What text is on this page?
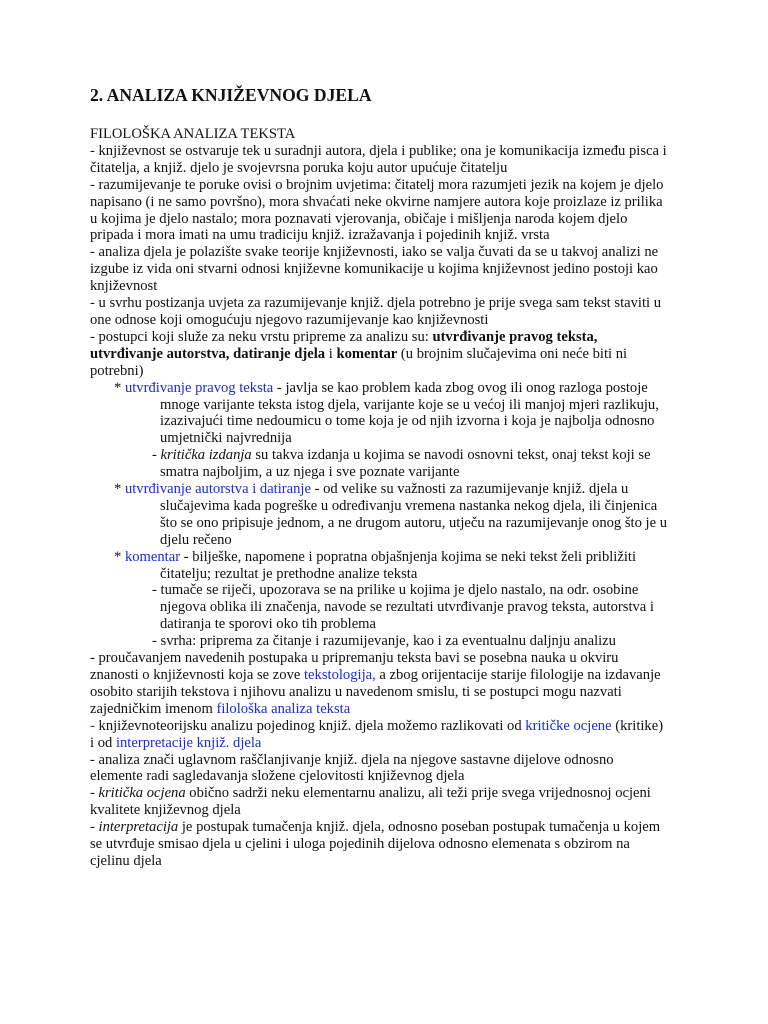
2. ANALIZA KNJIŽEVNOG DJELA

FILOLOŠKA ANALIZA TEKSTA

- književnost se ostvaruje tek u suradnji autora, djela i publike; ona je komunikacija između pisca i čitatelja, a knjiž. djelo je svojevrsna poruka koju autor upućuje čitatelju

- razumijevanje te poruke ovisi o brojnim uvjetima: čitatelj mora razumjeti jezik na kojem je djelo napisano (i ne samo površno), mora shvaćati neke okvirne namjere autora koje proizlaze iz prilika u kojima je djelo nastalo; mora poznavati vjerovanja, običaje i mišljenja naroda kojem djelo pripada i mora imati na umu tradiciju knjiž. izražavanja i pojedinih knjiž. vrsta

- analiza djela je polazište svake teorije književnosti, iako se valja čuvati da se u takvoj analizi ne izgube iz vida oni stvarni odnosi književne komunikacije u kojima književnost jedino postoji kao književnost

- u svrhu postizanja uvjeta za razumijevanje knjiž. djela potrebno je prije svega sam tekst staviti u one odnose koji omogućuju njegovo razumijevanje kao književnosti

- postupci koji služe za neku vrstu pripreme za analizu su: utvrđivanje pravog teksta, utvrđivanje autorstva, datiranje djela i komentar (u brojnim slučajevima oni neće biti ni potrebni)

* utvrđivanje pravog teksta - javlja se kao problem kada zbog ovog ili onog razloga postoje mnoge varijante teksta istog djela, varijante koje se u većoj ili manjoj mjeri razlikuju, izazivajući time nedoumicu o tome koja je od njih izvorna i koja je najbolja odnosno umjetnički najvrednija

- kritička izdanja su takva izdanja u kojima se navodi osnovni tekst, onaj tekst koji se smatra najboljim, a uz njega i sve poznate varijante

* utvrđivanje autorstva i datiranje - od velike su važnosti za razumijevanje knjiž. djela u slučajevima kada pogreške u određivanju vremena nastanka nekog djela, ili činjenica što se ono pripisuje jednom, a ne drugom autoru, utječu na razumijevanje onog što je u djelu rečeno

* komentar - bilješke, napomene i popratna objašnjenja kojima se neki tekst želi približiti čitatelju; rezultat je prethodne analize teksta

- tumače se riječi, upozorava se na prilike u kojima je djelo nastalo, na odr. osobine njegova oblika ili značenja, navode se rezultati utvrđivanje pravog teksta, autorstva i datiranja te sporovi oko tih problema

- svrha: priprema za čitanje i razumijevanje, kao i za eventualnu daljnju analizu

- proučavanjem navedenih postupaka u pripremanju teksta bavi se posebna nauka u okviru znanosti o književnosti koja se zove tekstologija, a zbog orijentacije starije filologije na izdavanje osobito starijih tekstova i njihovu analizu u navedenom smislu, ti se postupci mogu nazvati zajedničkim imenom filološka analiza teksta

- književnoteorijsku analizu pojedinog knjiž. djela možemo razlikovati od kritičke ocjene (kritike) i od interpretacije knjiž. djela

- analiza znači uglavnom raščlanjivanje knjiž. djela na njegove sastavne dijelove odnosno elemente radi sagledavanja složene cjelovitosti književnog djela

- kritička ocjena obično sadrži neku elementarnu analizu, ali teži prije svega vrijednosnoj ocjeni kvalitete književnog djela

- interpretacija je postupak tumačenja knjiž. djela, odnosno poseban postupak tumačenja u kojem se utvrđuje smisao djela u cjelini i uloga pojedinih dijelova odnosno elemenata s obzirom na cjelinu djela
